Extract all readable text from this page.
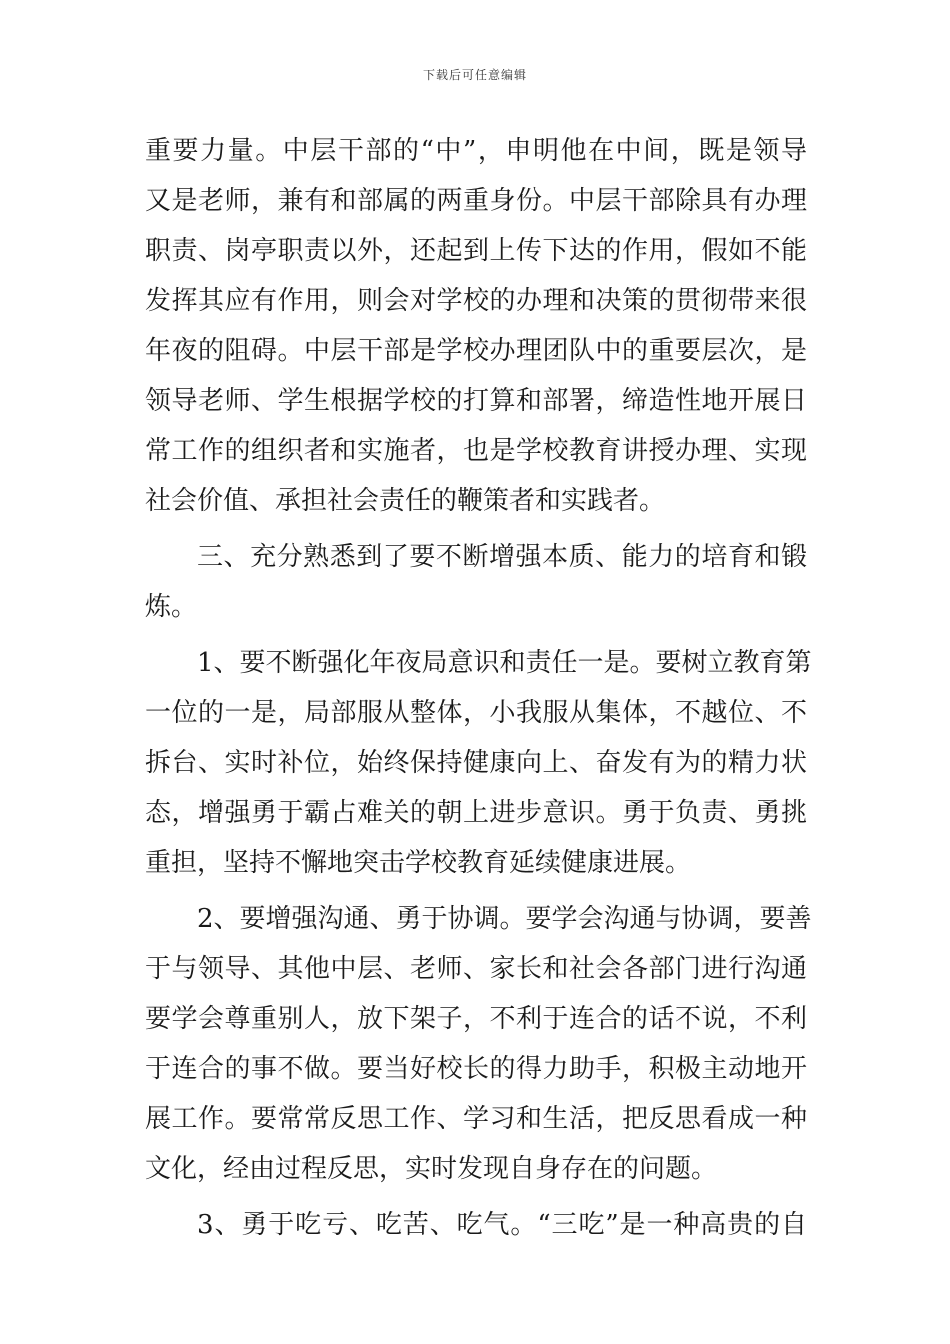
下载后可任意编辑
重要力量。中层干部的“中”，申明他在中间，既是领导
又是老师，兼有和部属的两重身份。中层干部除具有办理
职责、岗亭职责以外，还起到上传下达的作用，假如不能
发挥其应有作用，则会对学校的办理和决策的贯彻带来很
年夜的阻碍。中层干部是学校办理团队中的重要层次，是
领导老师、学生根据学校的打算和部署，缔造性地开展日
常工作的组织者和实施者，也是学校教育讲授办理、实现
社会价值、承担社会责任的鞭策者和实践者。
三、充分熟悉到了要不断增强本质、能力的培育和锻
炼。
1、要不断强化年夜局意识和责任一是。要树立教育第
一位的一是，局部服从整体，小我服从集体，不越位、不
拆台、实时补位，始终保持健康向上、奋发有为的精力状
态，增强勇于霸占难关的朝上进步意识。勇于负责、勇挑
重担，坚持不懈地突击学校教育延续健康进展。
2、要增强沟通、勇于协调。要学会沟通与协调，要善
于与领导、其他中层、老师、家长和社会各部门进行沟通
要学会尊重别人，放下架子，不利于连合的话不说，不利
于连合的事不做。要当好校长的得力助手，积极主动地开
展工作。要常常反思工作、学习和生活，把反思看成一种
文化，经由过程反思，实时发现自身存在的问题。
3、勇于吃亏、吃苦、吃气。“三吃”是一种高贵的自
